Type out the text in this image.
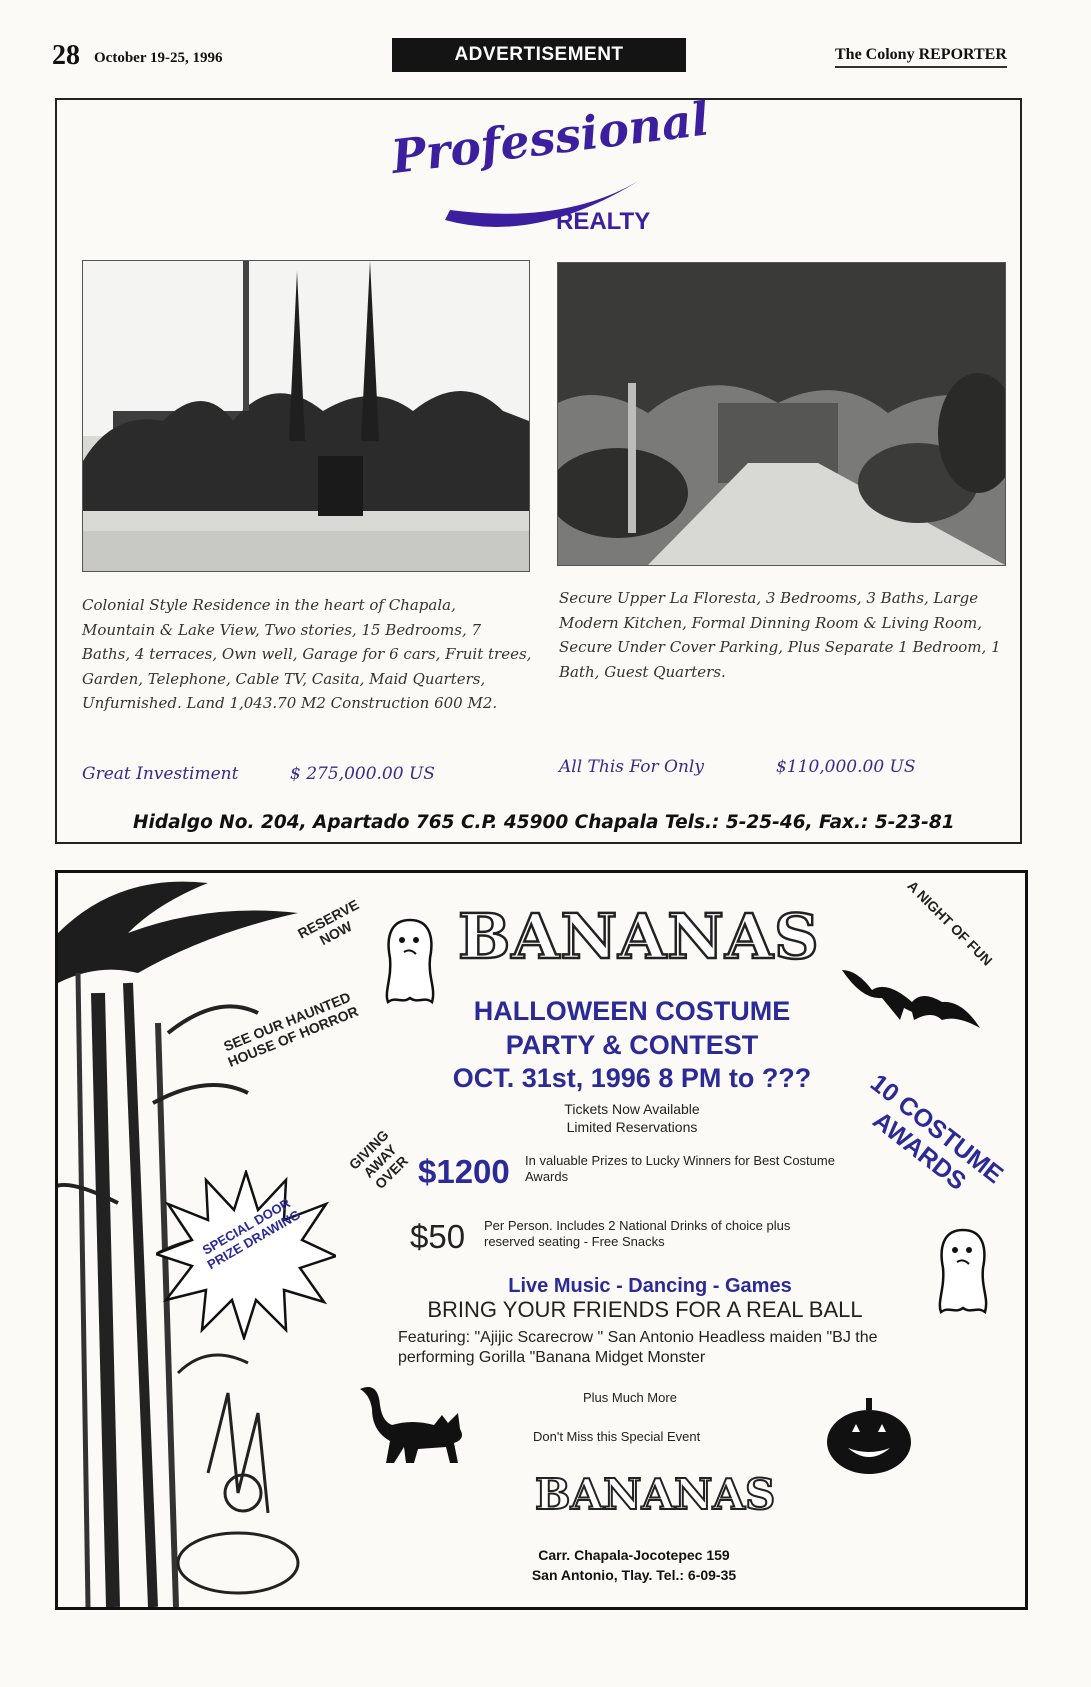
28 October 19-25, 1996	ADVERTISEMENT	The Colony REPORTER
Professional
REALTY
Colonial Style Residence in the heart of Chapala, Mountain & Lake View, Two stories, 15 Bedrooms, 7 Baths, 4 terraces, Own well, Garage for 6 cars, Fruit trees, Garden, Telephone, Cable TV, Casita, Maid Quarters, Unfurnished. Land 1,043.70 M2 Construction 600 M2.
Secure Upper La Floresta, 3 Bedrooms, 3 Baths, Large Modern Kitchen, Formal Dinning Room & Living Room, Secure Under Cover Parking, Plus Separate 1 Bedroom, 1 Bath, Guest Quarters.
Great Investiment	$ 275,000.00 US	All This For Only	$110,000.00 US
Hidalgo No. 204, Apartado 765 C.P. 45900 Chapala Tels.: 5-25-46, Fax.: 5-23-81
BANANAS
HALLOWEEN COSTUME
PARTY & CONTEST
OCT. 31st, 1996 8 PM to ???
Tickets Now Available
Limited Reservations
GIVING AWAY OVER $1200 In valuable Prizes to Lucky Winners for Best Costume Awards
$50 Per Person. Includes 2 National Drinks of choice plus reserved seating - Free Snacks
Live Music - Dancing - Games
BRING YOUR FRIENDS FOR A REAL BALL
Featuring: "Ajijic Scarecrow " San Antonio Headless maiden "BJ the performing Gorilla "Banana Midget Monster
Plus Much More
Don't Miss this Special Event
BANANAS
Carr. Chapala-Jocotepec 159
San Antonio, Tlay. Tel.: 6-09-35
RESERVE NOW	A NIGHT OF FUN
SEE OUR HAUNTED HOUSE OF HORROR
10 COSTUME AWARDS
SPECIAL DOOR PRIZE DRAWING
